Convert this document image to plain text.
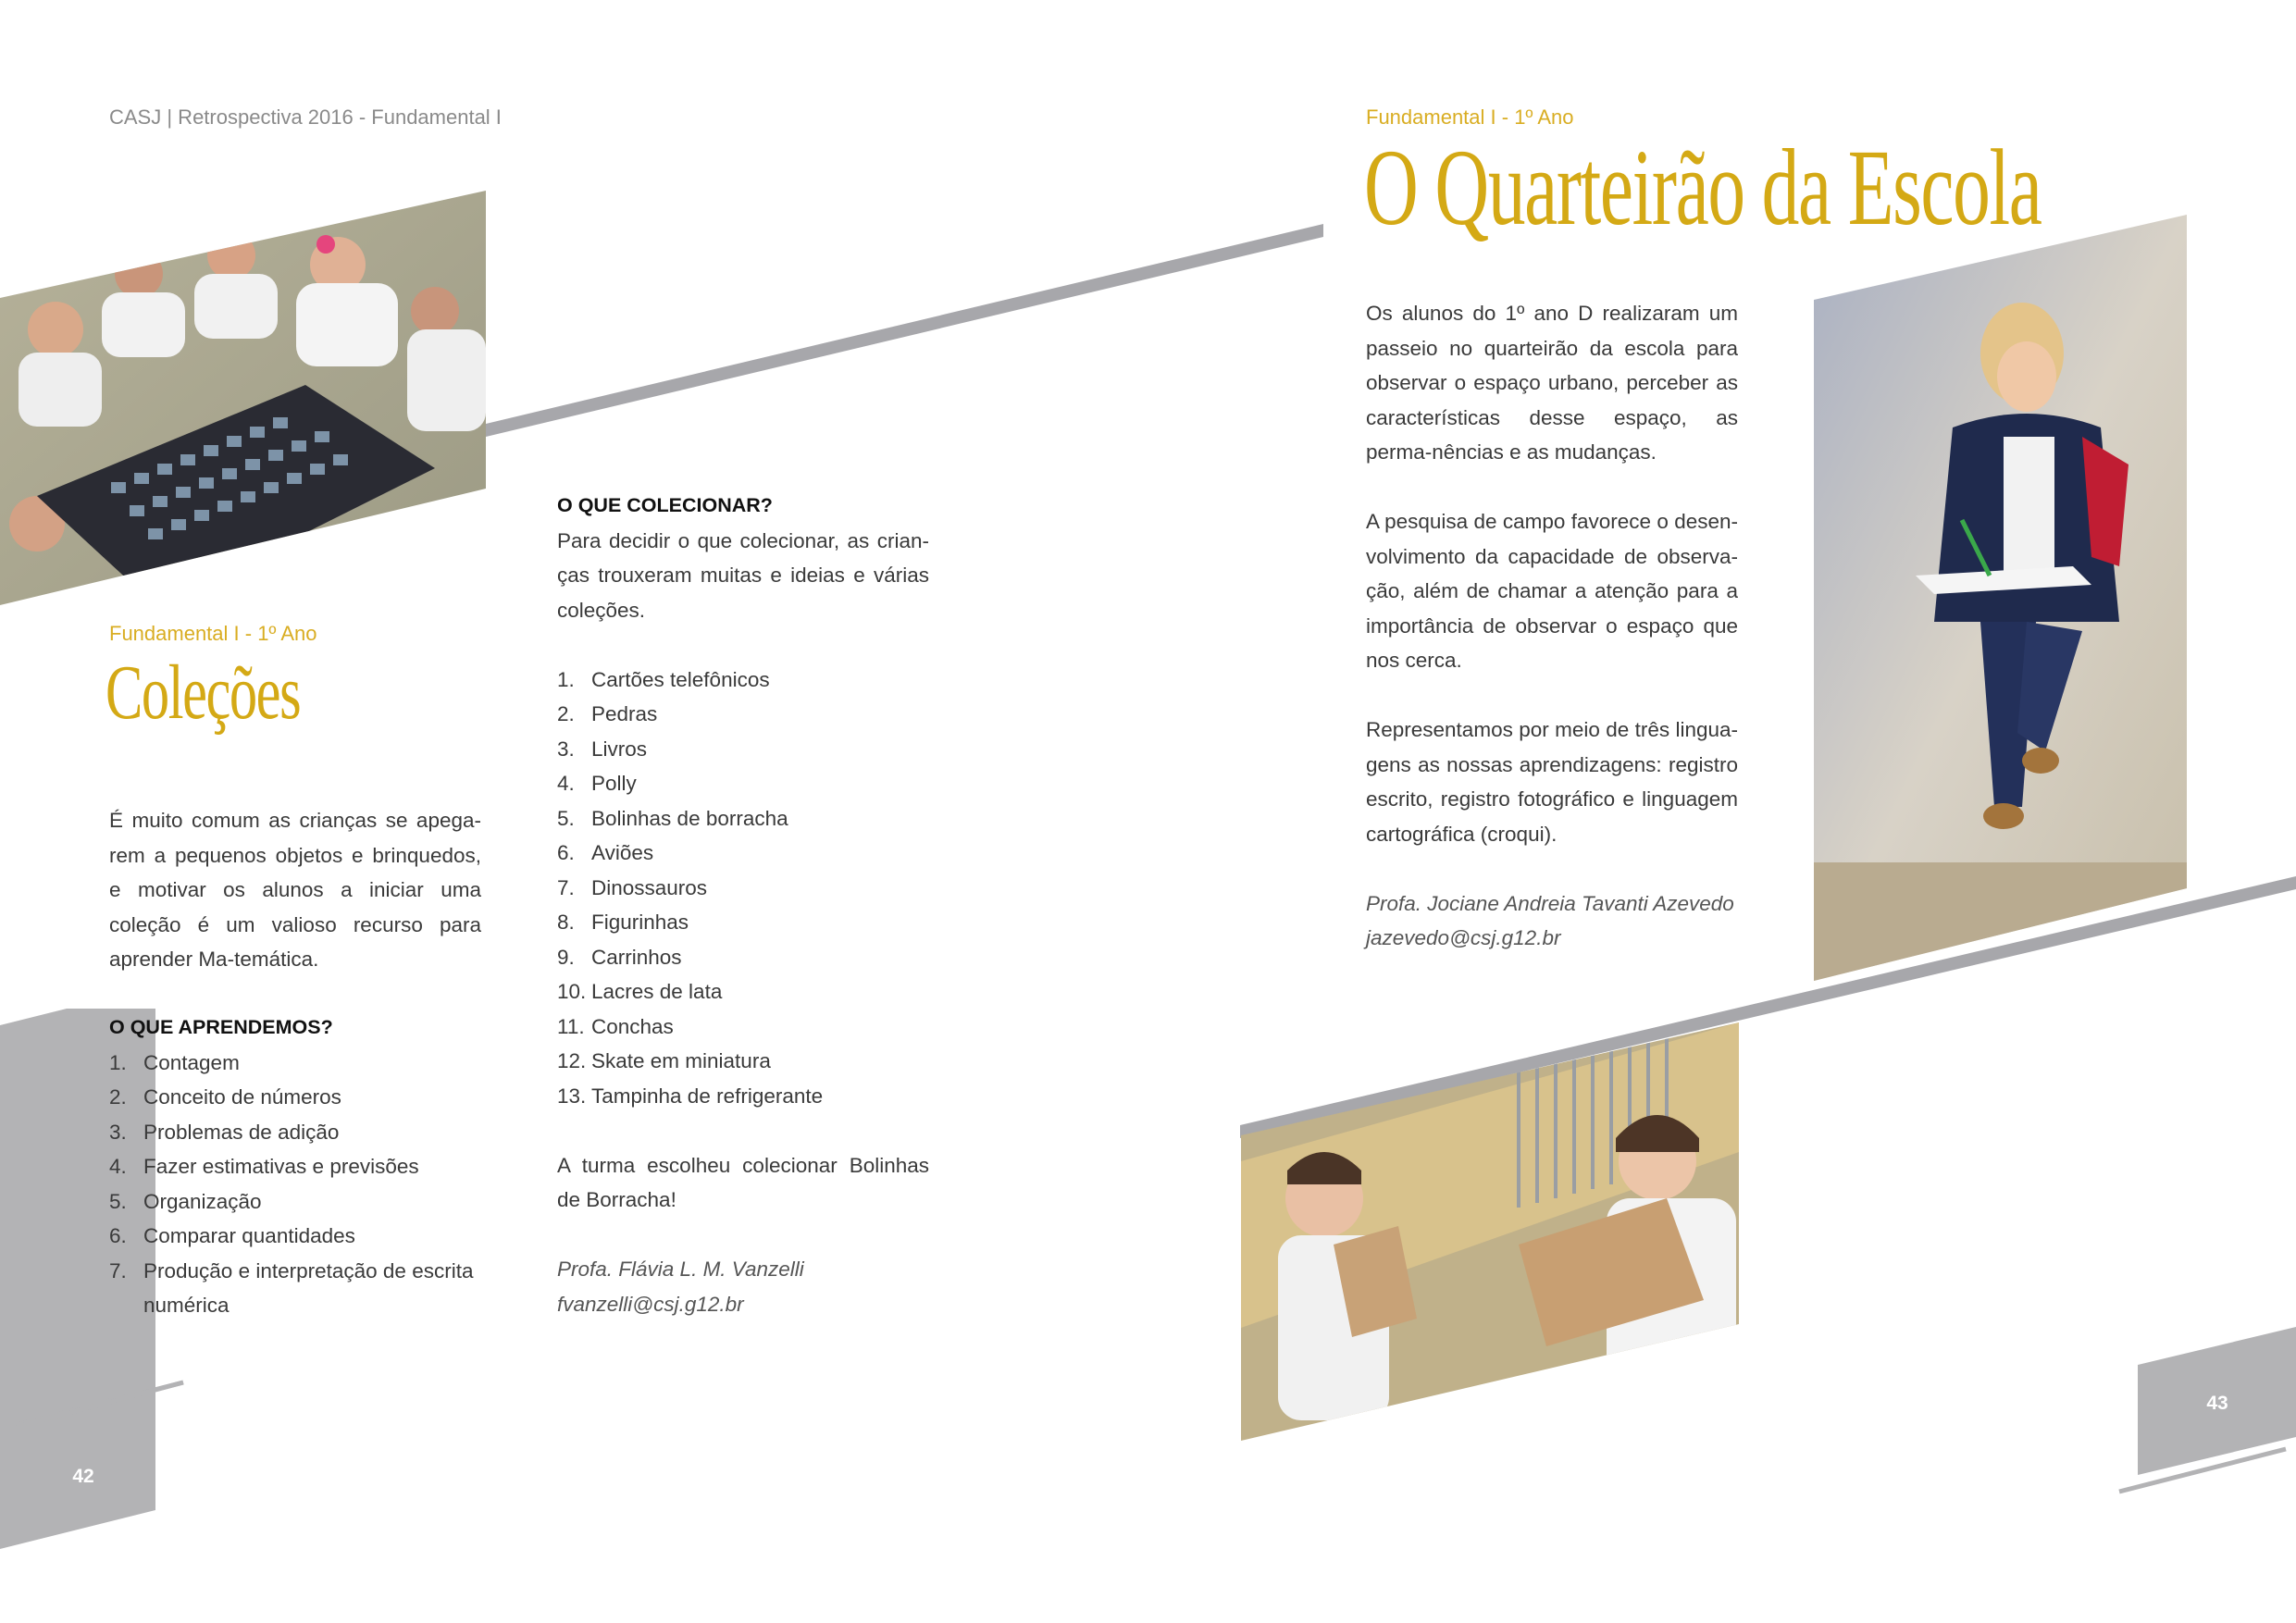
CASJ | Retrospectiva 2016 - Fundamental I
Fundamental I - 1º Ano
Coleções

É muito comum as crianças se apega-rem a pequenos objetos e brinquedos, e motivar os alunos a iniciar uma coleção é um valioso recurso para aprender Ma-temática.

O QUE APRENDEMOS?
1. Contagem
2. Conceito de números
3. Problemas de adição
4. Fazer estimativas e previsões
5. Organização
6. Comparar quantidades
7. Produção e interpretação de escrita numérica
O QUE COLECIONAR?
Para decidir o que colecionar, as crian-ças trouxeram muitas e ideias e várias coleções.
1. Cartões telefônicos
2. Pedras
3. Livros
4. Polly
5. Bolinhas de borracha
6. Aviões
7. Dinossauros
8. Figurinhas
9. Carrinhos
10. Lacres de lata
11. Conchas
12. Skate em miniatura
13. Tampinha de refrigerante
A turma escolheu colecionar Bolinhas de Borracha!
Profa. Flávia L. M. Vanzelli
fvanzelli@csj.g12.br
42
Fundamental I - 1º Ano
O Quarteirão da Escola

Os alunos do 1º ano D realizaram um passeio no quarteirão da escola para observar o espaço urbano, perceber as características desse espaço, as perma-nências e as mudanças.

A pesquisa de campo favorece o desen-volvimento da capacidade de observa-ção, além de chamar a atenção para a importância de observar o espaço que nos cerca.

Representamos por meio de três lingua-gens as nossas aprendizagens: registro escrito, registro fotográfico e linguagem cartográfica (croqui).

Profa. Jociane Andreia Tavanti Azevedo
jazevedo@csj.g12.br
43
